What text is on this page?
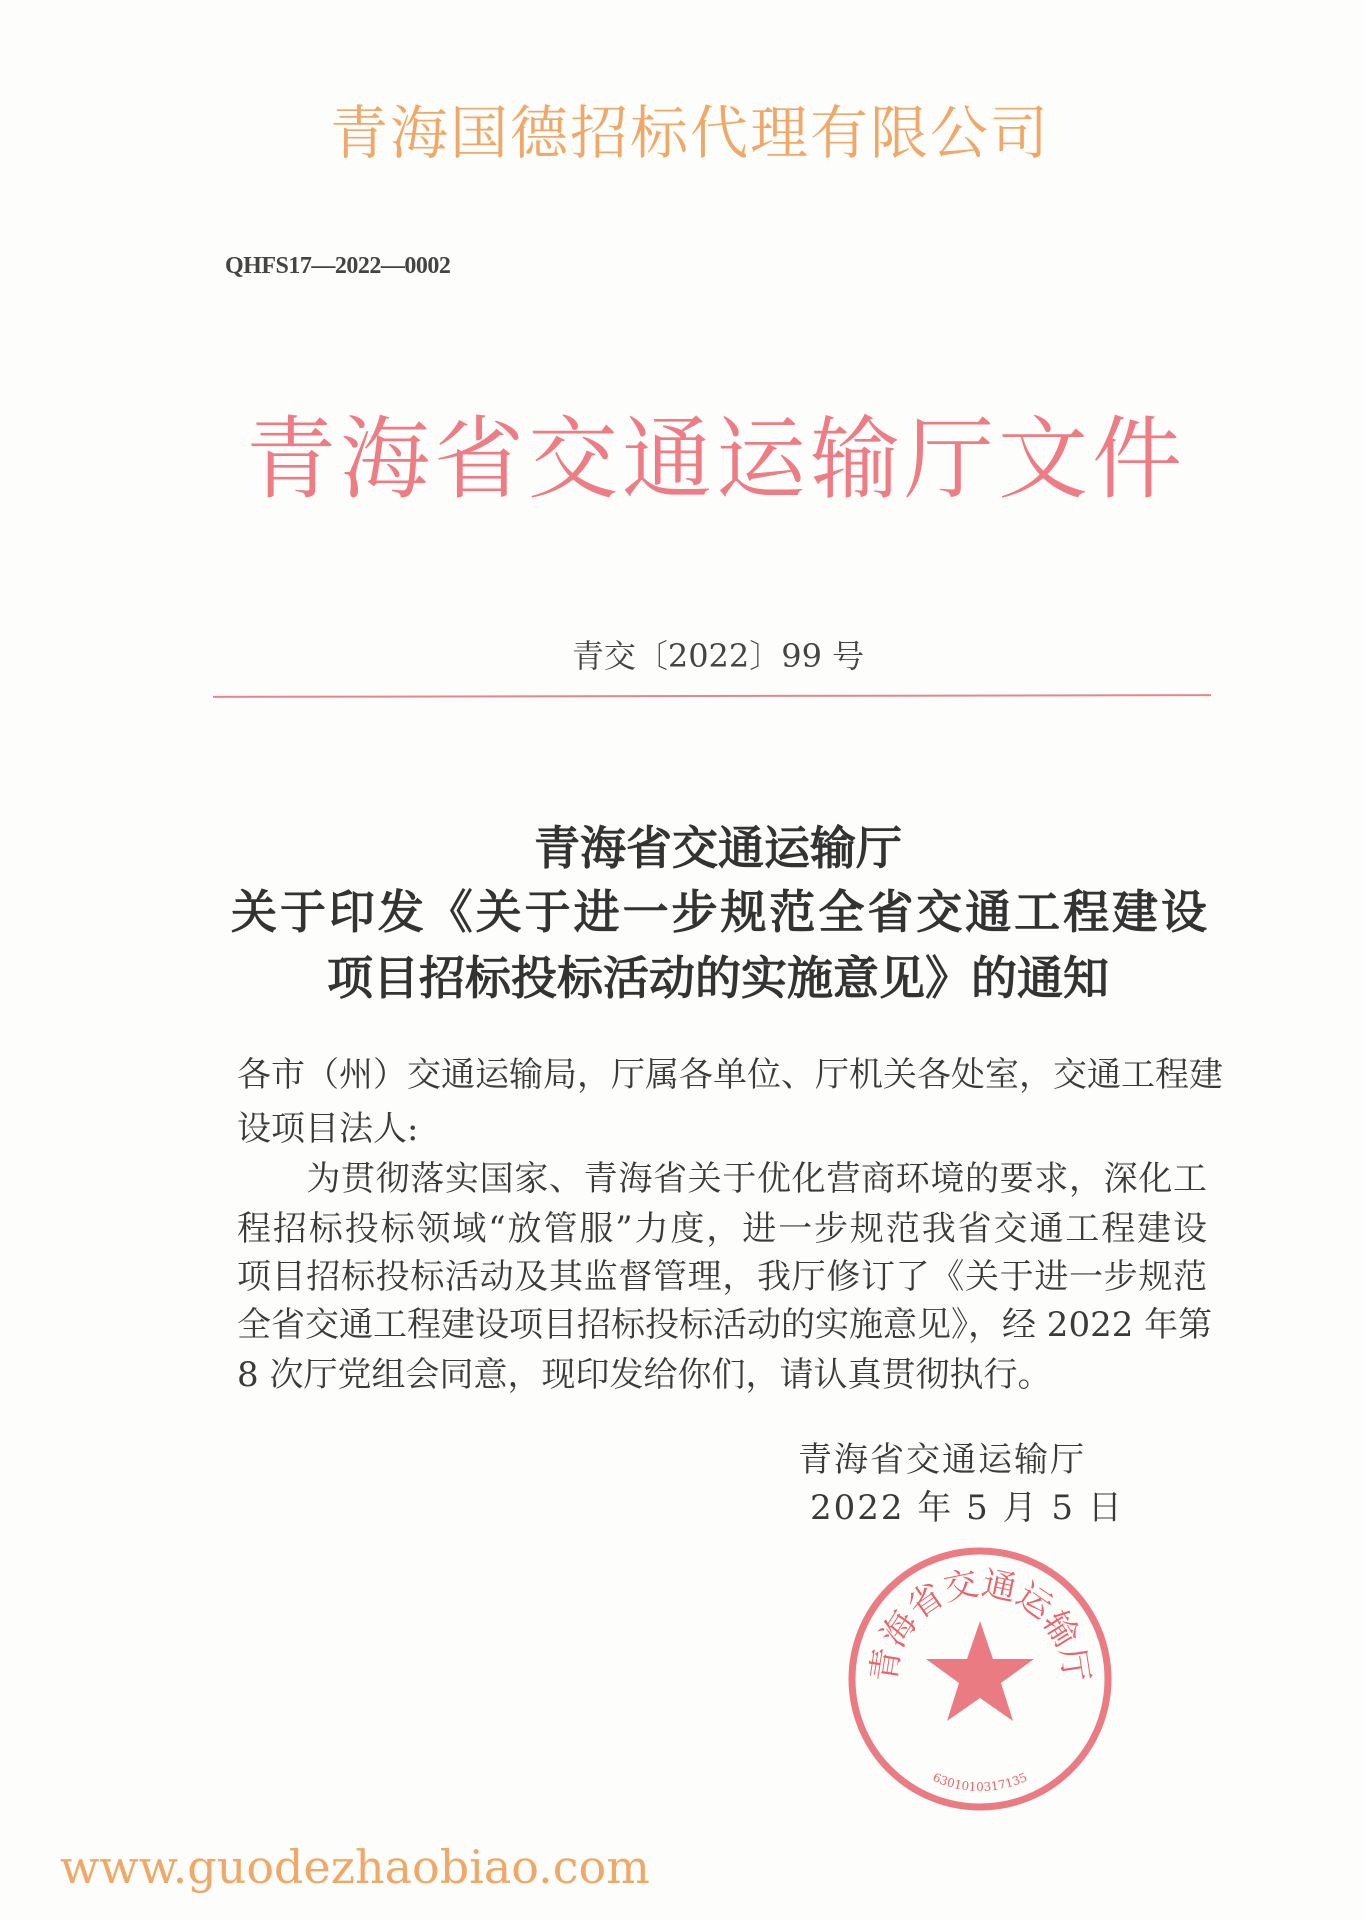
青海国德招标代理有限公司
QHFS17—2022—0002
青海省交通运输厅文件
青交〔2022〕99 号
青海省交通运输厅
关于印发《关于进一步规范全省交通工程建设
项目招标投标活动的实施意见》的通知
各市（州）交通运输局，厅属各单位、厅机关各处室，交通工程建
设项目法人:
　　为贯彻落实国家、青海省关于优化营商环境的要求，深化工
程招标投标领域“放管服”力度，进一步规范我省交通工程建设
项目招标投标活动及其监督管理，我厅修订了《关于进一步规范
全省交通工程建设项目招标投标活动的实施意见》，经 2022 年第
8 次厅党组会同意，现印发给你们，请认真贯彻执行。
青海省交通运输厅
2022 年 5 月 5 日
青海省交通运输厅
6301010317135
www.guodezhaobiao.com
